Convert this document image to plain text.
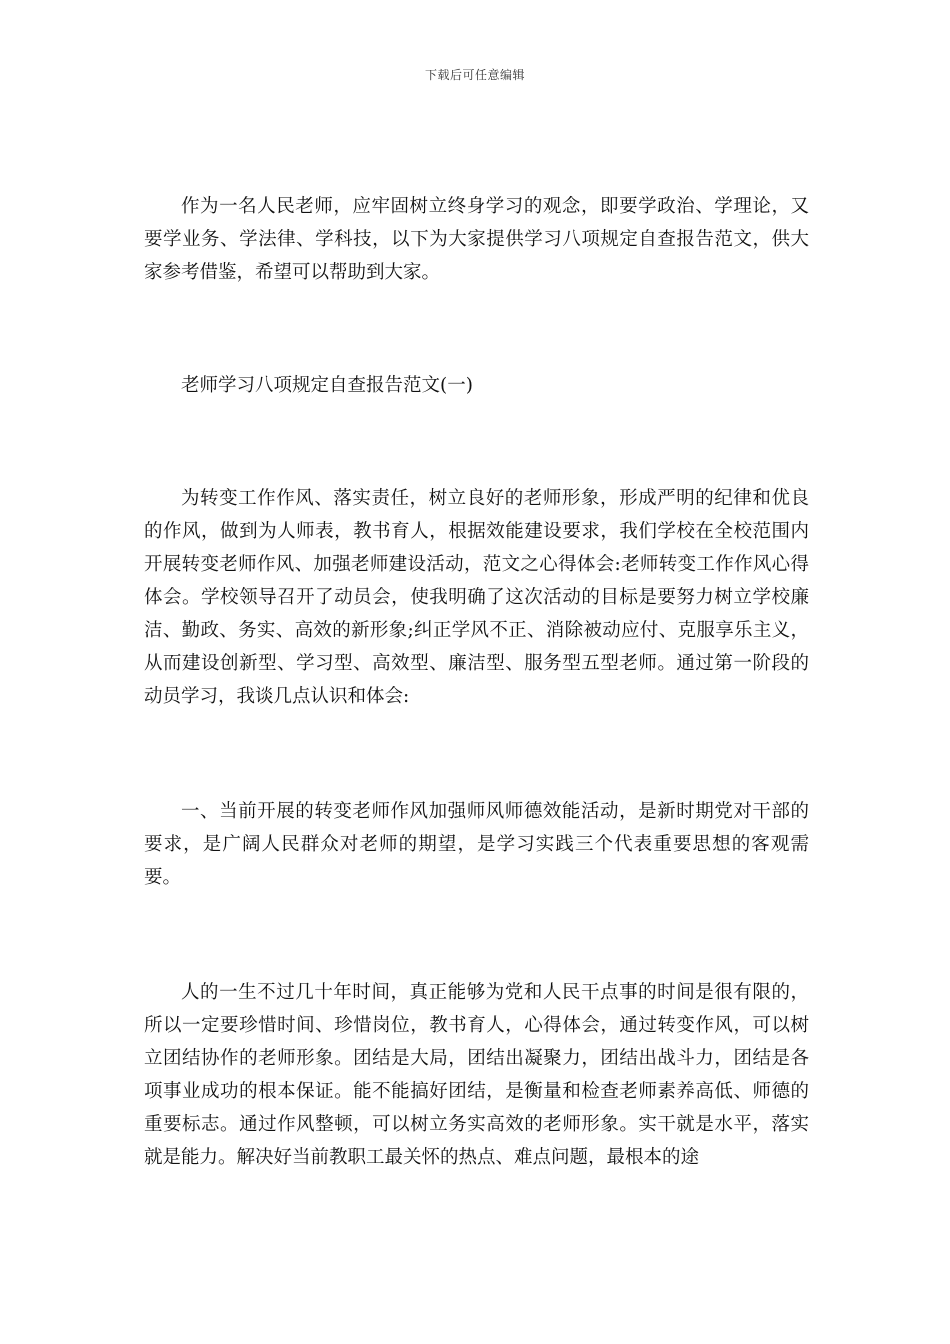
下载后可任意编辑

作为一名人民老师，应牢固树立终身学习的观念，即要学政治、学理论，又要学业务、学法律、学科技，以下为大家提供学习八项规定自查报告范文，供大家参考借鉴，希望可以帮助到大家。

老师学习八项规定自查报告范文(一)

为转变工作作风、落实责任，树立良好的老师形象，形成严明的纪律和优良的作风，做到为人师表，教书育人，根据效能建设要求，我们学校在全校范围内开展转变老师作风、加强老师建设活动，范文之心得体会:老师转变工作作风心得体会。学校领导召开了动员会，使我明确了这次活动的目标是要努力树立学校廉洁、勤政、务实、高效的新形象;纠正学风不正、消除被动应付、克服享乐主义，从而建设创新型、学习型、高效型、廉洁型、服务型五型老师。通过第一阶段的动员学习，我谈几点认识和体会:

一、当前开展的转变老师作风加强师风师德效能活动，是新时期党对干部的要求，是广阔人民群众对老师的期望，是学习实践三个代表重要思想的客观需要。

人的一生不过几十年时间，真正能够为党和人民干点事的时间是很有限的，所以一定要珍惜时间、珍惜岗位，教书育人，心得体会，通过转变作风，可以树立团结协作的老师形象。团结是大局，团结出凝聚力，团结出战斗力，团结是各项事业成功的根本保证。能不能搞好团结，是衡量和检查老师素养高低、师德的重要标志。通过作风整顿，可以树立务实高效的老师形象。实干就是水平，落实就是能力。解决好当前教职工最关怀的热点、难点问题，最根本的途
